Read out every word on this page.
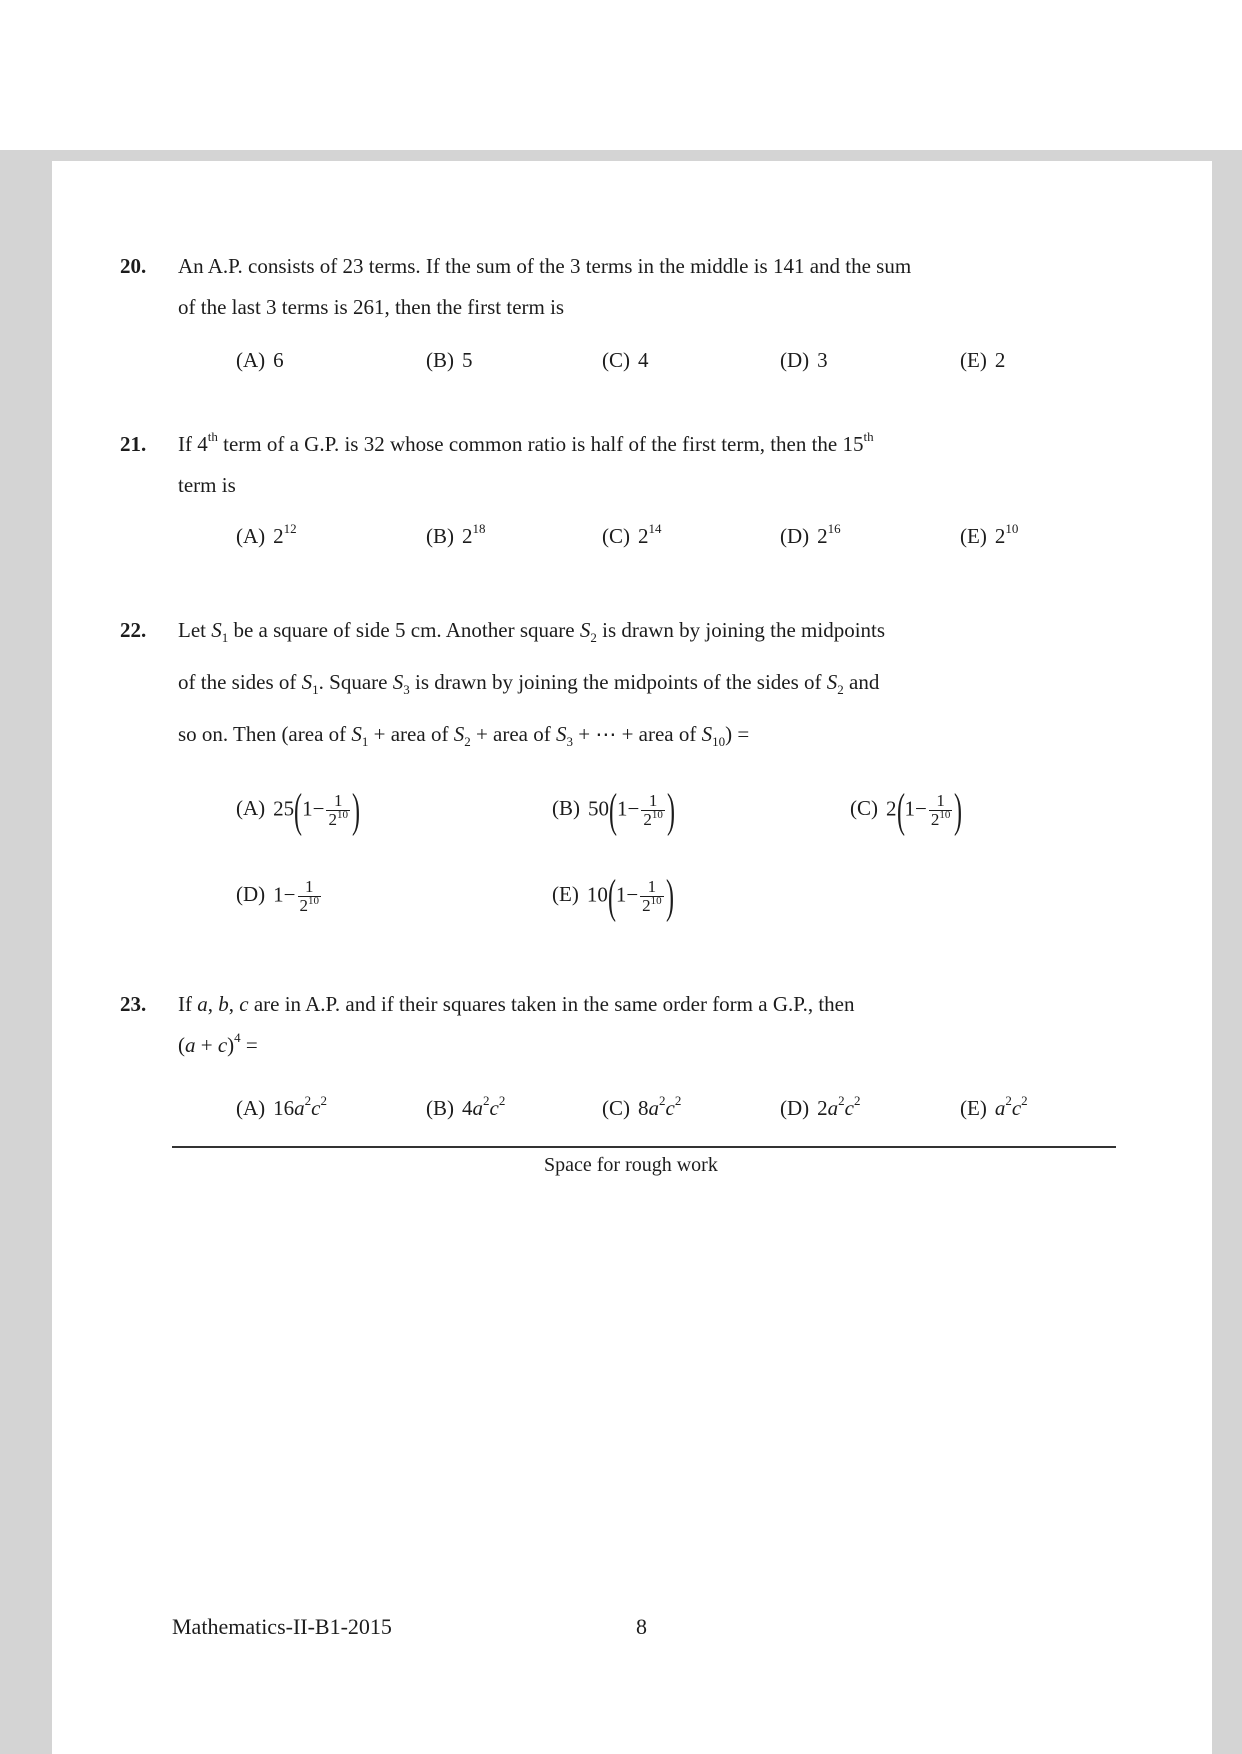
20. An A.P. consists of 23 terms. If the sum of the 3 terms in the middle is 141 and the sum
of the last 3 terms is 261, then the first term is
(A) 6	(B) 5	(C) 4	(D) 3	(E) 2
21. If 4th term of a G.P. is 32 whose common ratio is half of the first term, then the 15th
term is
(A) $2^{12}$	(B) $2^{18}$	(C) $2^{14}$	(D) $2^{16}$	(E) $2^{10}$
22. Let $S_1$ be a square of side 5 cm. Another square $S_2$ is drawn by joining the midpoints
of the sides of $S_1$. Square $S_3$ is drawn by joining the midpoints of the sides of $S_2$ and
so on. Then (area of $S_1$ + area of $S_2$ + area of $S_3$ + ⋯ + area of $S_{10}$) =
(A) $25(1- \frac{1}{2^{10}}$ )	(B) $50(1- \frac{1}{2^{10}}$ )	(C) $2(1- \frac{1}{2^{10}}$ )
(D) $1- \frac{1}{2^{10}}$	(E) $10(1- \frac{1}{2^{10}}$ )
23. If a, b, c are in A.P. and if their squares taken in the same order form a G.P., then
$(a + c)^4$ =
(A) $16a^2c^2$	(B) $4a^2c^2$	(C) $8a^2c^2$	(D) $2a^2c^2$	(E) $a^2c^2$
Space for rough work
Mathematics-II-B1-2015	8
